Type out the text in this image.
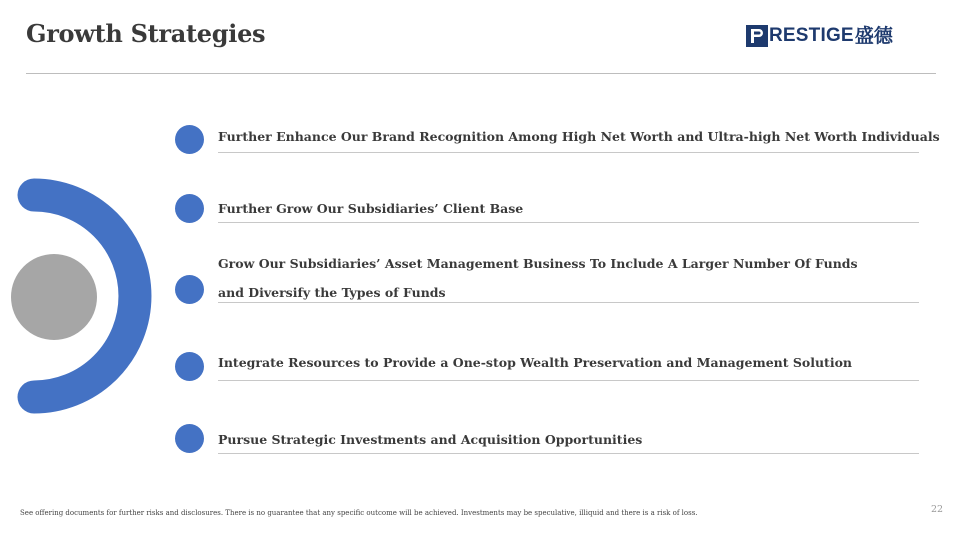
Growth Strategies	RESTIGE 盛德
Further Enhance Our Brand Recognition Among High Net Worth and Ultra-high Net Worth Individuals
Further Grow Our Subsidiaries’ Client Base
Grow Our Subsidiaries’ Asset Management Business To Include A Larger Number Of Funds
and Diversify the Types of Funds
Integrate Resources to Provide a One-stop Wealth Preservation and Management Solution
Pursue Strategic Investments and Acquisition Opportunities
See offering documents for further risks and disclosures. There is no guarantee that any specific outcome will be achieved. Investments may be speculative, illiquid and there is a risk of loss.	22
